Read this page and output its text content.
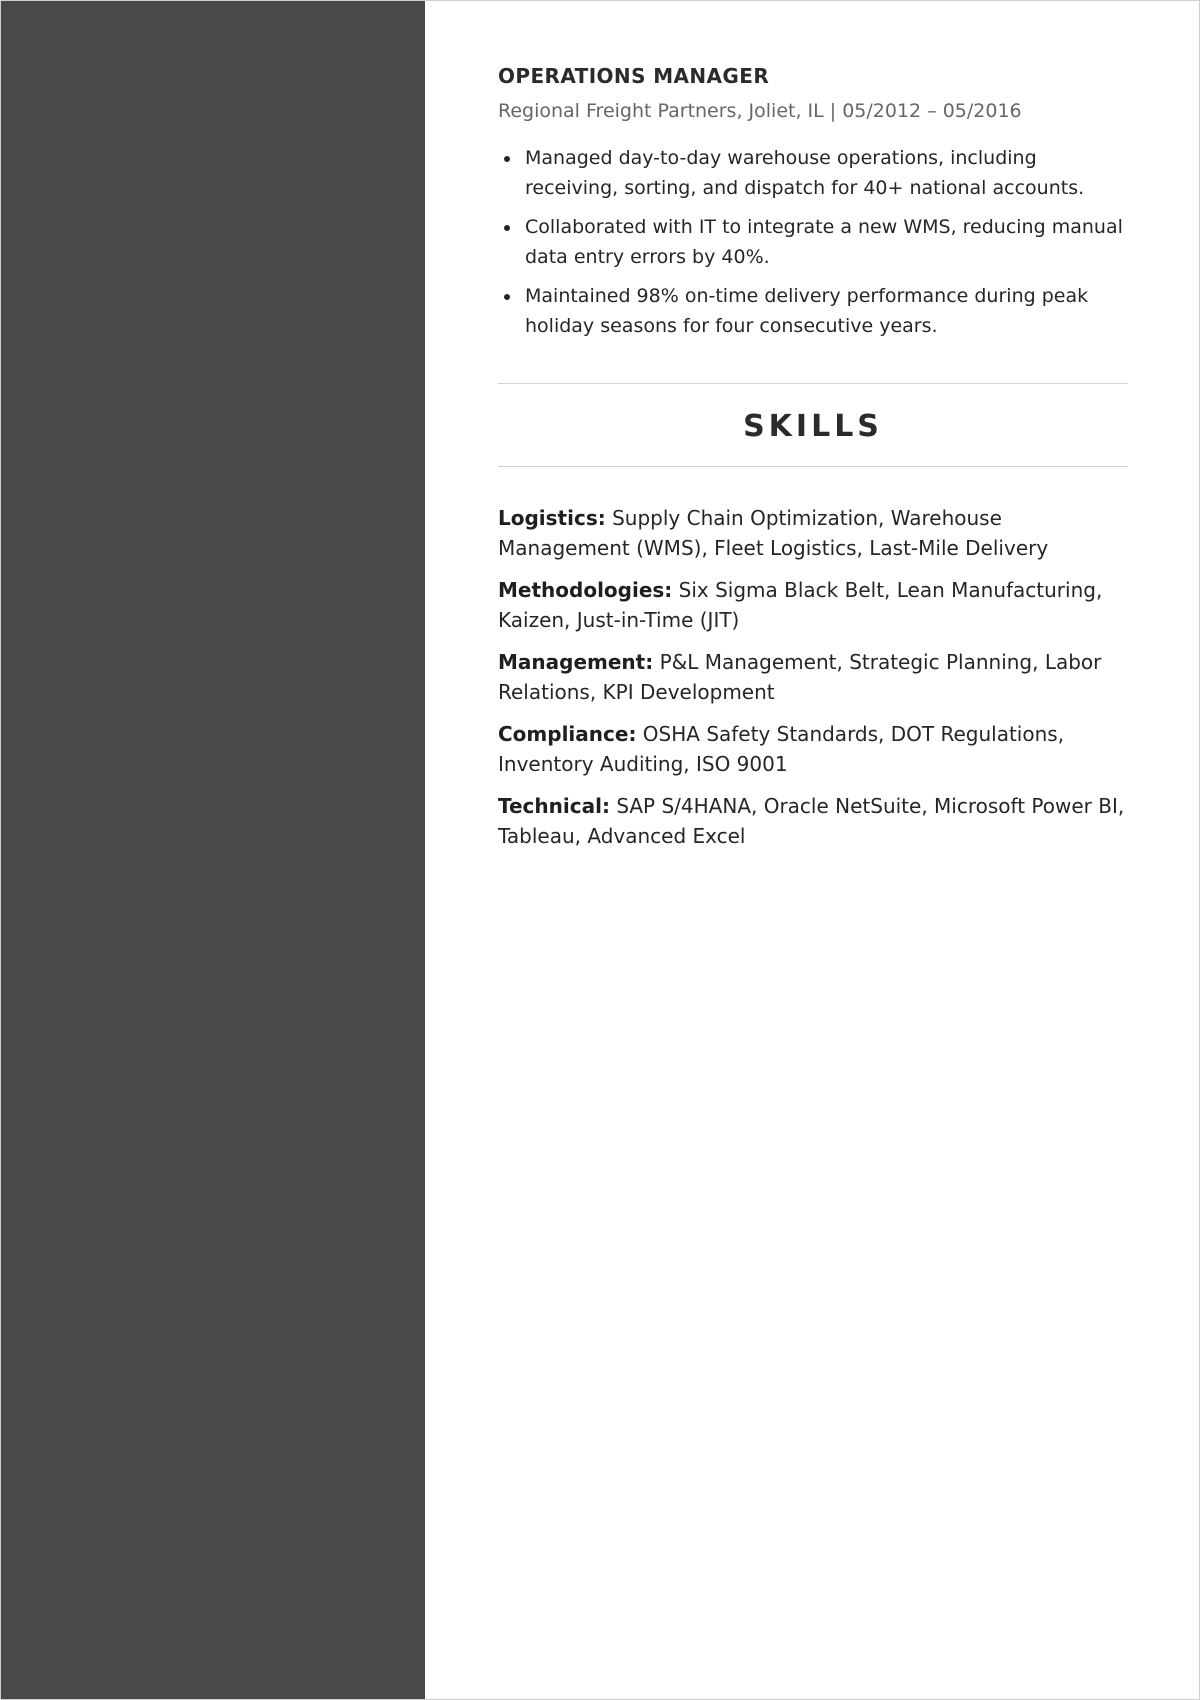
OPERATIONS MANAGER

Regional Freight Partners, Joliet, IL | 05/2012 – 05/2016

Managed day-to-day warehouse operations, including receiving, sorting, and dispatch for 40+ national accounts.
Collaborated with IT to integrate a new WMS, reducing manual data entry errors by 40%.
Maintained 98% on-time delivery performance during peak holiday seasons for four consecutive years.
SKILLS
Logistics: Supply Chain Optimization, Warehouse Management (WMS), Fleet Logistics, Last-Mile Delivery
Methodologies: Six Sigma Black Belt, Lean Manufacturing, Kaizen, Just-in-Time (JIT)
Management: P&L Management, Strategic Planning, Labor Relations, KPI Development
Compliance: OSHA Safety Standards, DOT Regulations, Inventory Auditing, ISO 9001
Technical: SAP S/4HANA, Oracle NetSuite, Microsoft Power BI, Tableau, Advanced Excel
